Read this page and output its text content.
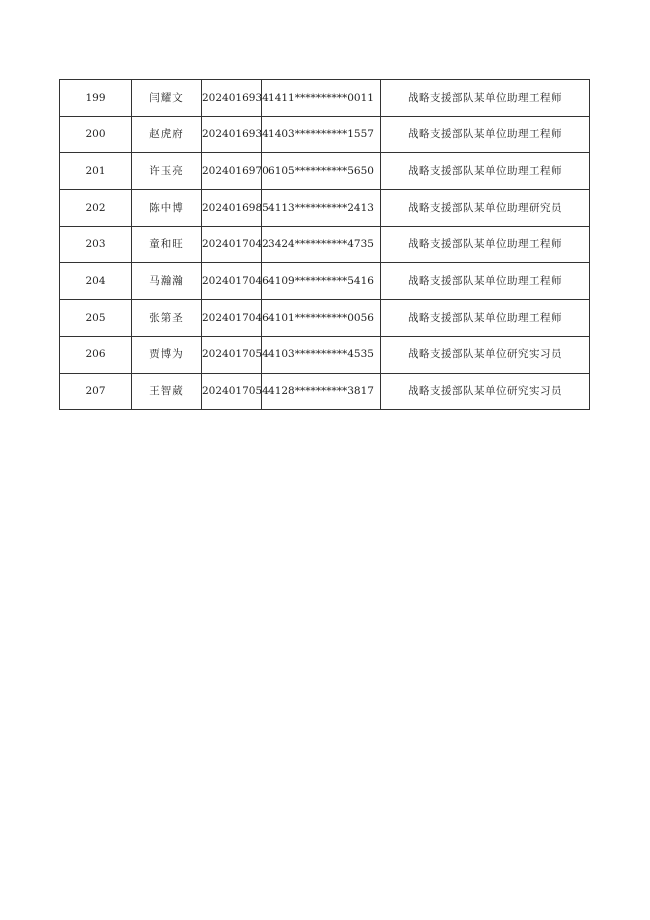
199	闫耀文	2024016934	1411**********0011	战略支援部队某单位助理工程师
200	赵虎府	2024016934	1403**********1557	战略支援部队某单位助理工程师
201	许玉亮	2024016970	6105**********5650	战略支援部队某单位助理工程师
202	陈中博	2024016985	4113**********2413	战略支援部队某单位助理研究员
203	童和旺	2024017042	3424**********4735	战略支援部队某单位助理工程师
204	马瀚瀚	2024017046	4109**********5416	战略支援部队某单位助理工程师
205	张第圣	2024017046	4101**********0056	战略支援部队某单位助理工程师
206	贾博为	2024017054	4103**********4535	战略支援部队某单位研究实习员
207	王智葳	2024017054	4128**********3817	战略支援部队某单位研究实习员
